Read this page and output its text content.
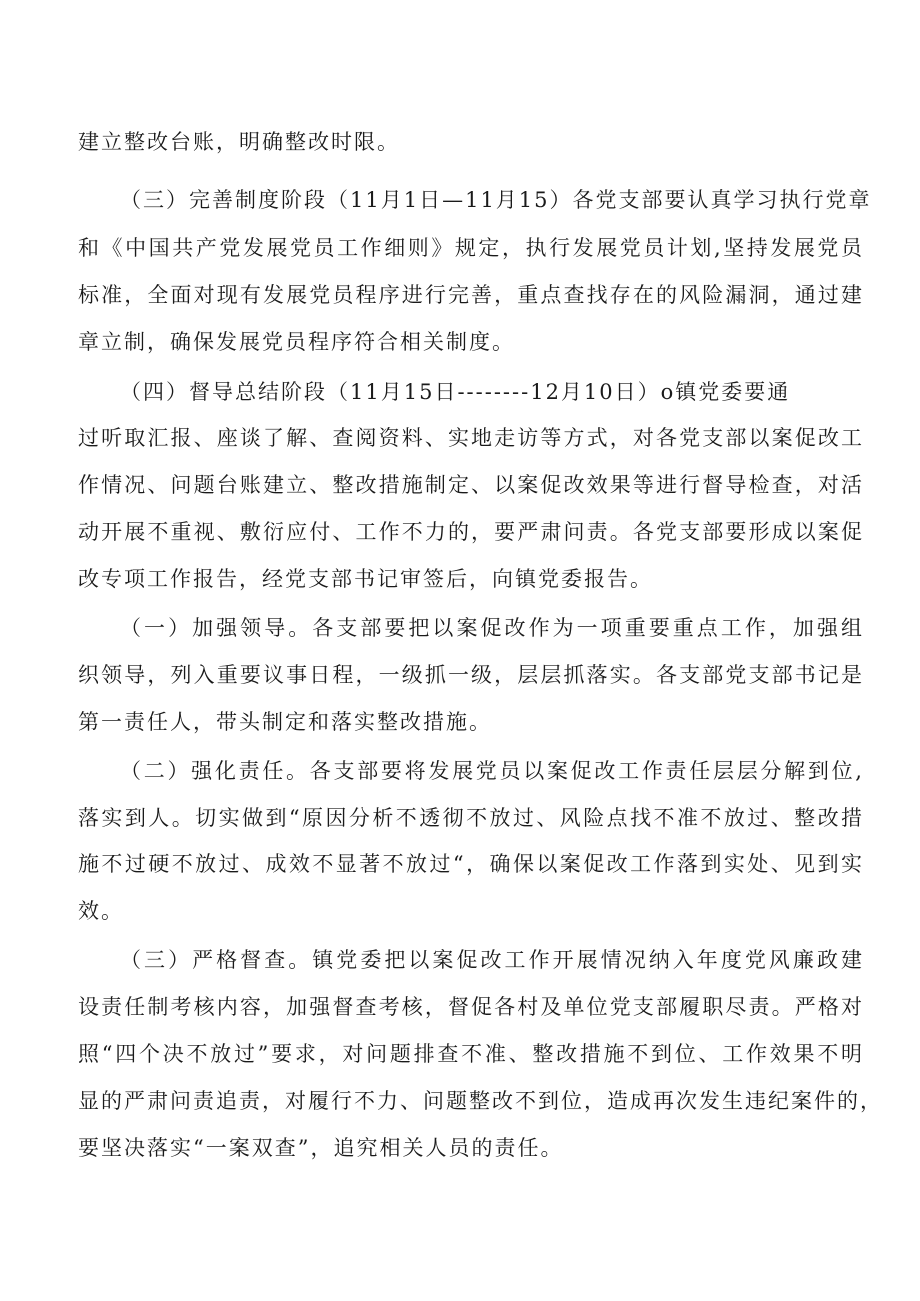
建立整改台账，明确整改时限。
（三）完善制度阶段（11月1日—11月15）各党支部要认真学习执行党章
和《中国共产党发展党员工作细则》规定，执行发展党员计划,坚持发展党员
标准，全面对现有发展党员程序进行完善，重点查找存在的风险漏洞，通过建
章立制，确保发展党员程序符合相关制度。
（四）督导总结阶段（11月15日--------12月10日）o镇党委要通
过听取汇报、座谈了解、查阅资料、实地走访等方式，对各党支部以案促改工
作情况、问题台账建立、整改措施制定、以案促改效果等进行督导检查，对活
动开展不重视、敷衍应付、工作不力的，要严肃问责。各党支部要形成以案促
改专项工作报告，经党支部书记审签后，向镇党委报告。
（一）加强领导。各支部要把以案促改作为一项重要重点工作，加强组
织领导，列入重要议事日程，一级抓一级，层层抓落实。各支部党支部书记是
第一责任人，带头制定和落实整改措施。
（二）强化责任。各支部要将发展党员以案促改工作责任层层分解到位,
落实到人。切实做到“原因分析不透彻不放过、风险点找不准不放过、整改措
施不过硬不放过、成效不显著不放过“，确保以案促改工作落到实处、见到实
效。
（三）严格督查。镇党委把以案促改工作开展情况纳入年度党风廉政建
设责任制考核内容，加强督查考核，督促各村及单位党支部履职尽责。严格对
照“四个决不放过”要求，对问题排查不准、整改措施不到位、工作效果不明
显的严肃问责追责，对履行不力、问题整改不到位，造成再次发生违纪案件的，
要坚决落实“一案双查”，追究相关人员的责任。
